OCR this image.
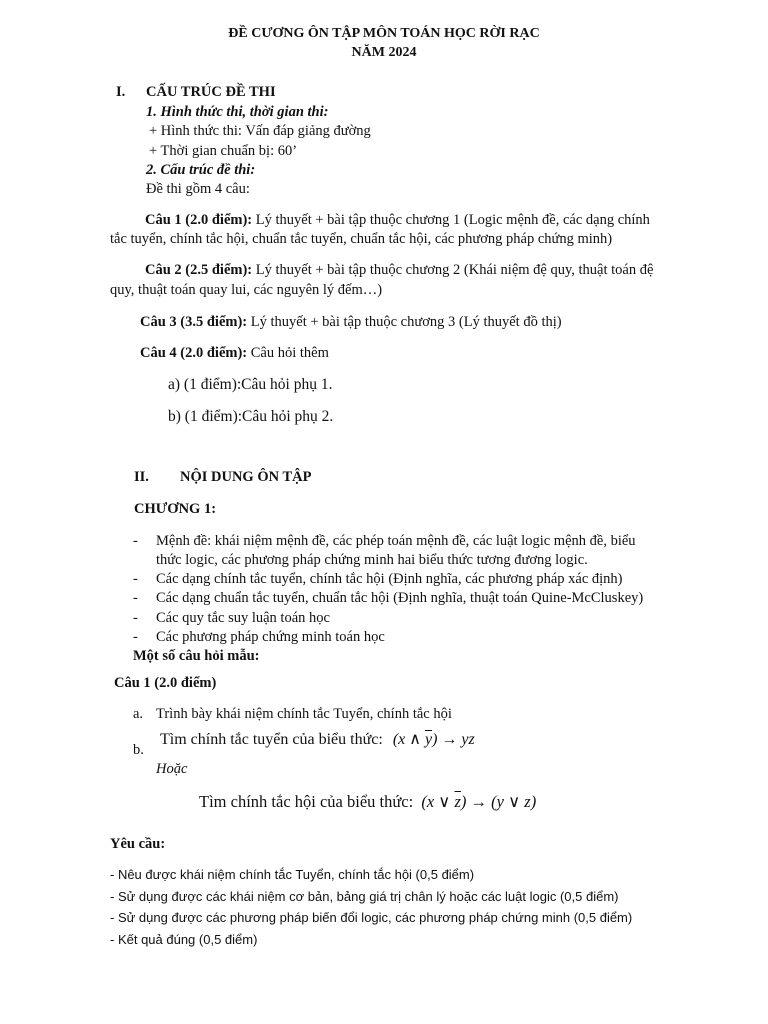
ĐỀ CƯƠNG ÔN TẬP MÔN TOÁN HỌC RỜI RẠC
NĂM 2024
I. CẤU TRÚC ĐỀ THI
1. Hình thức thi, thời gian thi:
+ Hình thức thi: Vấn đáp giảng đường
+ Thời gian chuẩn bị: 60’
2. Cấu trúc đề thi:
Đề thi gồm 4 câu:
Câu 1 (2.0 điểm): Lý thuyết + bài tập thuộc chương 1 (Logic mệnh đề, các dạng chính
tắc tuyển, chính tắc hội, chuẩn tắc tuyển, chuẩn tắc hội, các phương pháp chứng minh)
Câu 2 (2.5 điểm): Lý thuyết + bài tập thuộc chương 2 (Khái niệm đệ quy, thuật toán đệ
quy, thuật toán quay lui, các nguyên lý đếm…)
Câu 3 (3.5 điểm): Lý thuyết + bài tập thuộc chương 3 (Lý thuyết đồ thị)
Câu 4 (2.0 điểm): Câu hỏi thêm
a) (1 điểm):Câu hỏi phụ 1.
b) (1 điểm):Câu hỏi phụ 2.
II. NỘI DUNG ÔN TẬP
CHƯƠNG 1:
- Mệnh đề: khái niệm mệnh đề, các phép toán mệnh đề, các luật logic mệnh đề, biểu
thức logic, các phương pháp chứng minh hai biểu thức tương đương logic.
- Các dạng chính tắc tuyển, chính tắc hội (Định nghĩa, các phương pháp xác định)
- Các dạng chuẩn tắc tuyển, chuẩn tắc hội (Định nghĩa, thuật toán Quine-McCluskey)
- Các quy tắc suy luận toán học
- Các phương pháp chứng minh toán học
Một số câu hỏi mẫu:
Câu 1 (2.0 điểm)
a. Trình bày khái niệm chính tắc Tuyển, chính tắc hội
b.
Tìm chính tắc tuyển của biểu thức: (x ∧ $\overline{y}$) → yz
Hoặc
Tìm chính tắc hội của biểu thức: (x ∨ $\overline{z}) \to (y$ ∨ z)
Yêu cầu:
- Nêu được khái niệm chính tắc Tuyển, chính tắc hội (0,5 điểm)
- Sử dụng được các khái niệm cơ bản, bảng giá trị chân lý hoặc các luật logic (0,5 điểm)
- Sử dụng được các phương pháp biến đổi logic, các phương pháp chứng minh (0,5 điểm)
- Kết quả đúng (0,5 điểm)
